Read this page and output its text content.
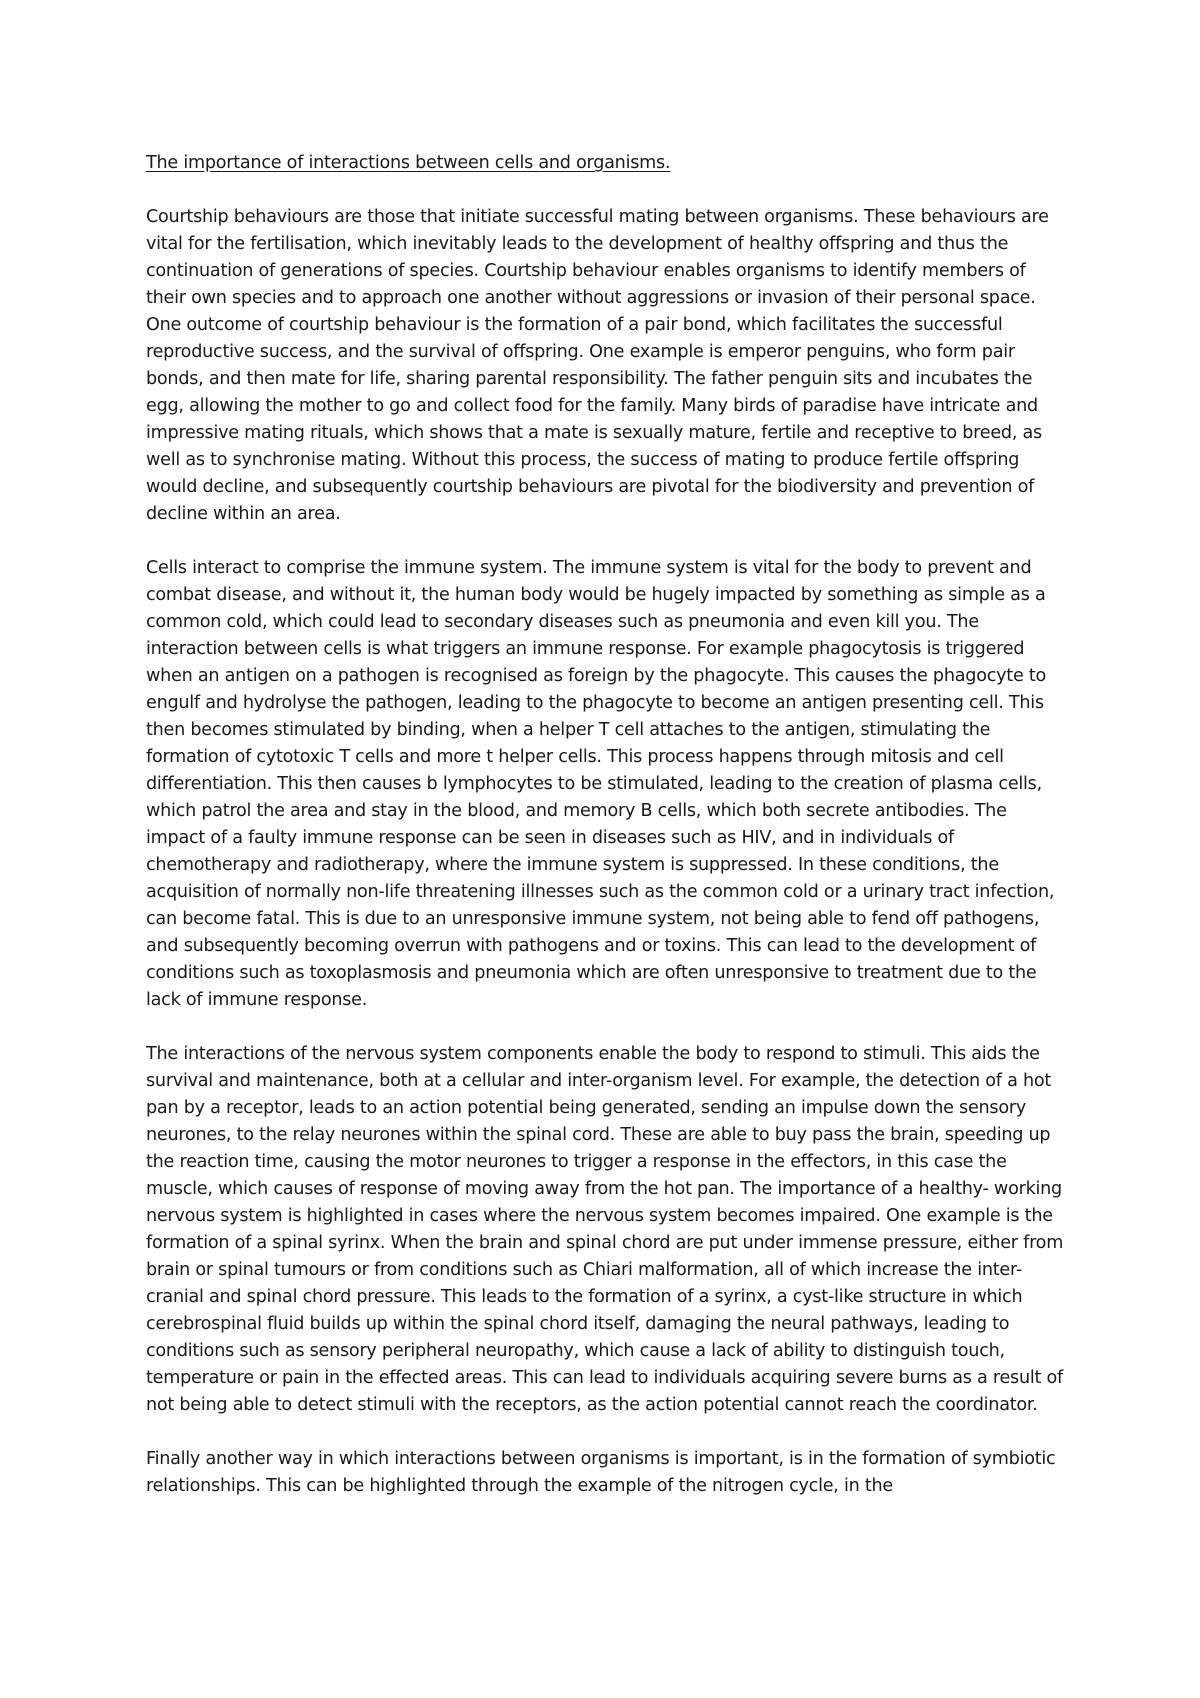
The importance of interactions between cells and organisms.

Courtship behaviours are those that initiate successful mating between organisms. These behaviours are vital for the fertilisation, which inevitably leads to the development of healthy offspring and thus the continuation of generations of species. Courtship behaviour enables organisms to identify members of their own species and to approach one another without aggressions or invasion of their personal space. One outcome of courtship behaviour is the formation of a pair bond, which facilitates the successful reproductive success, and the survival of offspring. One example is emperor penguins, who form pair bonds, and then mate for life, sharing parental responsibility. The father penguin sits and incubates the egg, allowing the mother to go and collect food for the family. Many birds of paradise have intricate and impressive mating rituals, which shows that a mate is sexually mature, fertile and receptive to breed, as well as to synchronise mating. Without this process, the success of mating to produce fertile offspring would decline, and subsequently courtship behaviours are pivotal for the biodiversity and prevention of decline within an area.

Cells interact to comprise the immune system. The immune system is vital for the body to prevent and combat disease, and without it, the human body would be hugely impacted by something as simple as a common cold, which could lead to secondary diseases such as pneumonia and even kill you. The interaction between cells is what triggers an immune response. For example phagocytosis is triggered when an antigen on a pathogen is recognised as foreign by the phagocyte. This causes the phagocyte to engulf and hydrolyse the pathogen, leading to the phagocyte to become an antigen presenting cell. This then becomes stimulated by binding, when a helper T cell attaches to the antigen, stimulating the formation of cytotoxic T cells and more t helper cells. This process happens through mitosis and cell differentiation. This then causes b lymphocytes to be stimulated, leading to the creation of plasma cells, which patrol the area and stay in the blood, and memory B cells, which both secrete antibodies. The impact of a faulty immune response can be seen in diseases such as HIV, and in individuals of chemotherapy and radiotherapy, where the immune system is suppressed. In these conditions, the acquisition of normally non-life threatening illnesses such as the common cold or a urinary tract infection, can become fatal. This is due to an unresponsive immune system, not being able to fend off pathogens, and subsequently becoming overrun with pathogens and or toxins. This can lead to the development of conditions such as toxoplasmosis and pneumonia which are often unresponsive to treatment due to the lack of immune response.

The interactions of the nervous system components enable the body to respond to stimuli. This aids the survival and maintenance, both at a cellular and inter-organism level. For example, the detection of a hot pan by a receptor, leads to an action potential being generated, sending an impulse down the sensory neurones, to the relay neurones within the spinal cord. These are able to buy pass the brain, speeding up the reaction time, causing the motor neurones to trigger a response in the effectors, in this case the muscle, which causes of response of moving away from the hot pan. The importance of a healthy- working nervous system is highlighted in cases where the nervous system becomes impaired. One example is the formation of a spinal syrinx. When the brain and spinal chord are put under immense pressure, either from brain or spinal tumours or from conditions such as Chiari malformation, all of which increase the inter-cranial and spinal chord pressure. This leads to the formation of a syrinx, a cyst-like structure in which cerebrospinal fluid builds up within the spinal chord itself, damaging the neural pathways, leading to conditions such as sensory peripheral neuropathy, which cause a lack of ability to distinguish touch, temperature or pain in the effected areas. This can lead to individuals acquiring severe burns as a result of not being able to detect stimuli with the receptors, as the action potential cannot reach the coordinator.

Finally another way in which interactions between organisms is important, is in the formation of symbiotic relationships. This can be highlighted through the example of the nitrogen cycle, in the
